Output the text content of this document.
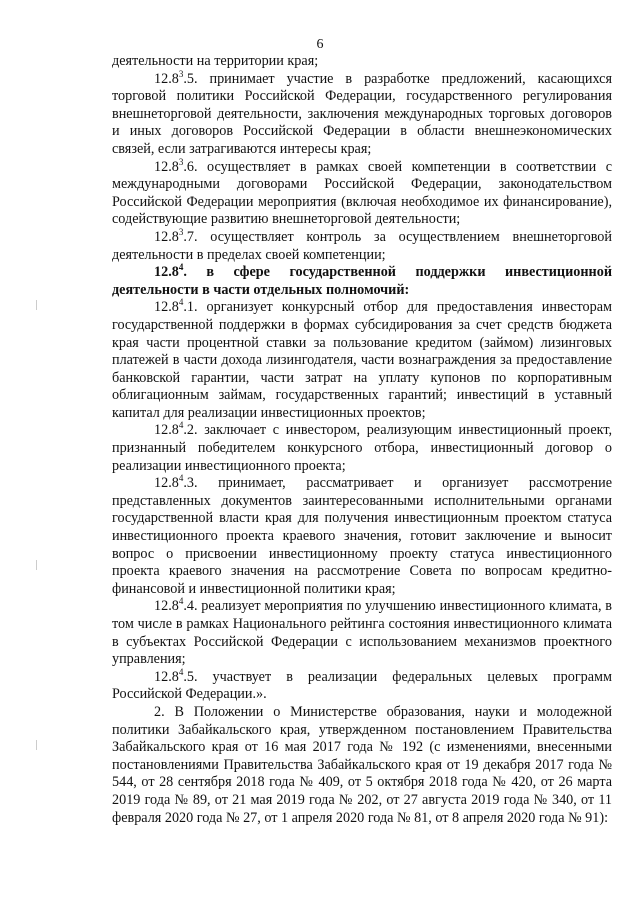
6

деятельности на территории края;

12.8$^3$.5. принимает участие в разработке предложений, касающихся торговой политики Российской Федерации, государственного регулирования внешнеторговой деятельности, заключения международных торговых договоров и иных договоров Российской Федерации в области внешнеэкономических связей, если затрагиваются интересы края;

12.8$^3$.6. осуществляет в рамках своей компетенции в соответствии с международными договорами Российской Федерации, законодательством Российской Федерации мероприятия (включая необходимое их финансирование), содействующие развитию внешнеторговой деятельности;

12.8$^3$.7. осуществляет контроль за осуществлением внешнеторговой деятельности в пределах своей компетенции;

12.8$^4$. в сфере государственной поддержки инвестиционной деятельности в части отдельных полномочий:

12.8$^4$.1. организует конкурсный отбор для предоставления инвесторам государственной поддержки в формах субсидирования за счет средств бюджета края части процентной ставки за пользование кредитом (займом) лизинговых платежей в части дохода лизингодателя, части вознаграждения за предоставление банковской гарантии, части затрат на уплату купонов по корпоративным облигационным займам, государственных гарантий; инвестиций в уставный капитал для реализации инвестиционных проектов;

12.8$^4$.2. заключает с инвестором, реализующим инвестиционный проект, признанный победителем конкурсного отбора, инвестиционный договор о реализации инвестиционного проекта;

12.8$^4$.3. принимает, рассматривает и организует рассмотрение представленных документов заинтересованными исполнительными органами государственной власти края для получения инвестиционным проектом статуса инвестиционного проекта краевого значения, готовит заключение и выносит вопрос о присвоении инвестиционному проекту статуса инвестиционного проекта краевого значения на рассмотрение Совета по вопросам кредитно-финансовой и инвестиционной политики края;

12.8$^4$.4. реализует мероприятия по улучшению инвестиционного климата, в том числе в рамках Национального рейтинга состояния инвестиционного климата в субъектах Российской Федерации с использованием механизмов проектного управления;

12.8$^4$.5. участвует в реализации федеральных целевых программ Российской Федерации.».

2. В Положении о Министерстве образования, науки и молодежной политики Забайкальского края, утвержденном постановлением Правительства Забайкальского края от 16 мая 2017 года № 192 (с изменениями, внесенными постановлениями Правительства Забайкальского края от 19 декабря 2017 года № 544, от 28 сентября 2018 года № 409, от 5 октября 2018 года № 420, от 26 марта 2019 года № 89, от 21 мая 2019 года № 202, от 27 августа 2019 года № 340, от 11 февраля 2020 года № 27, от 1 апреля 2020 года № 81, от 8 апреля 2020 года № 91):
